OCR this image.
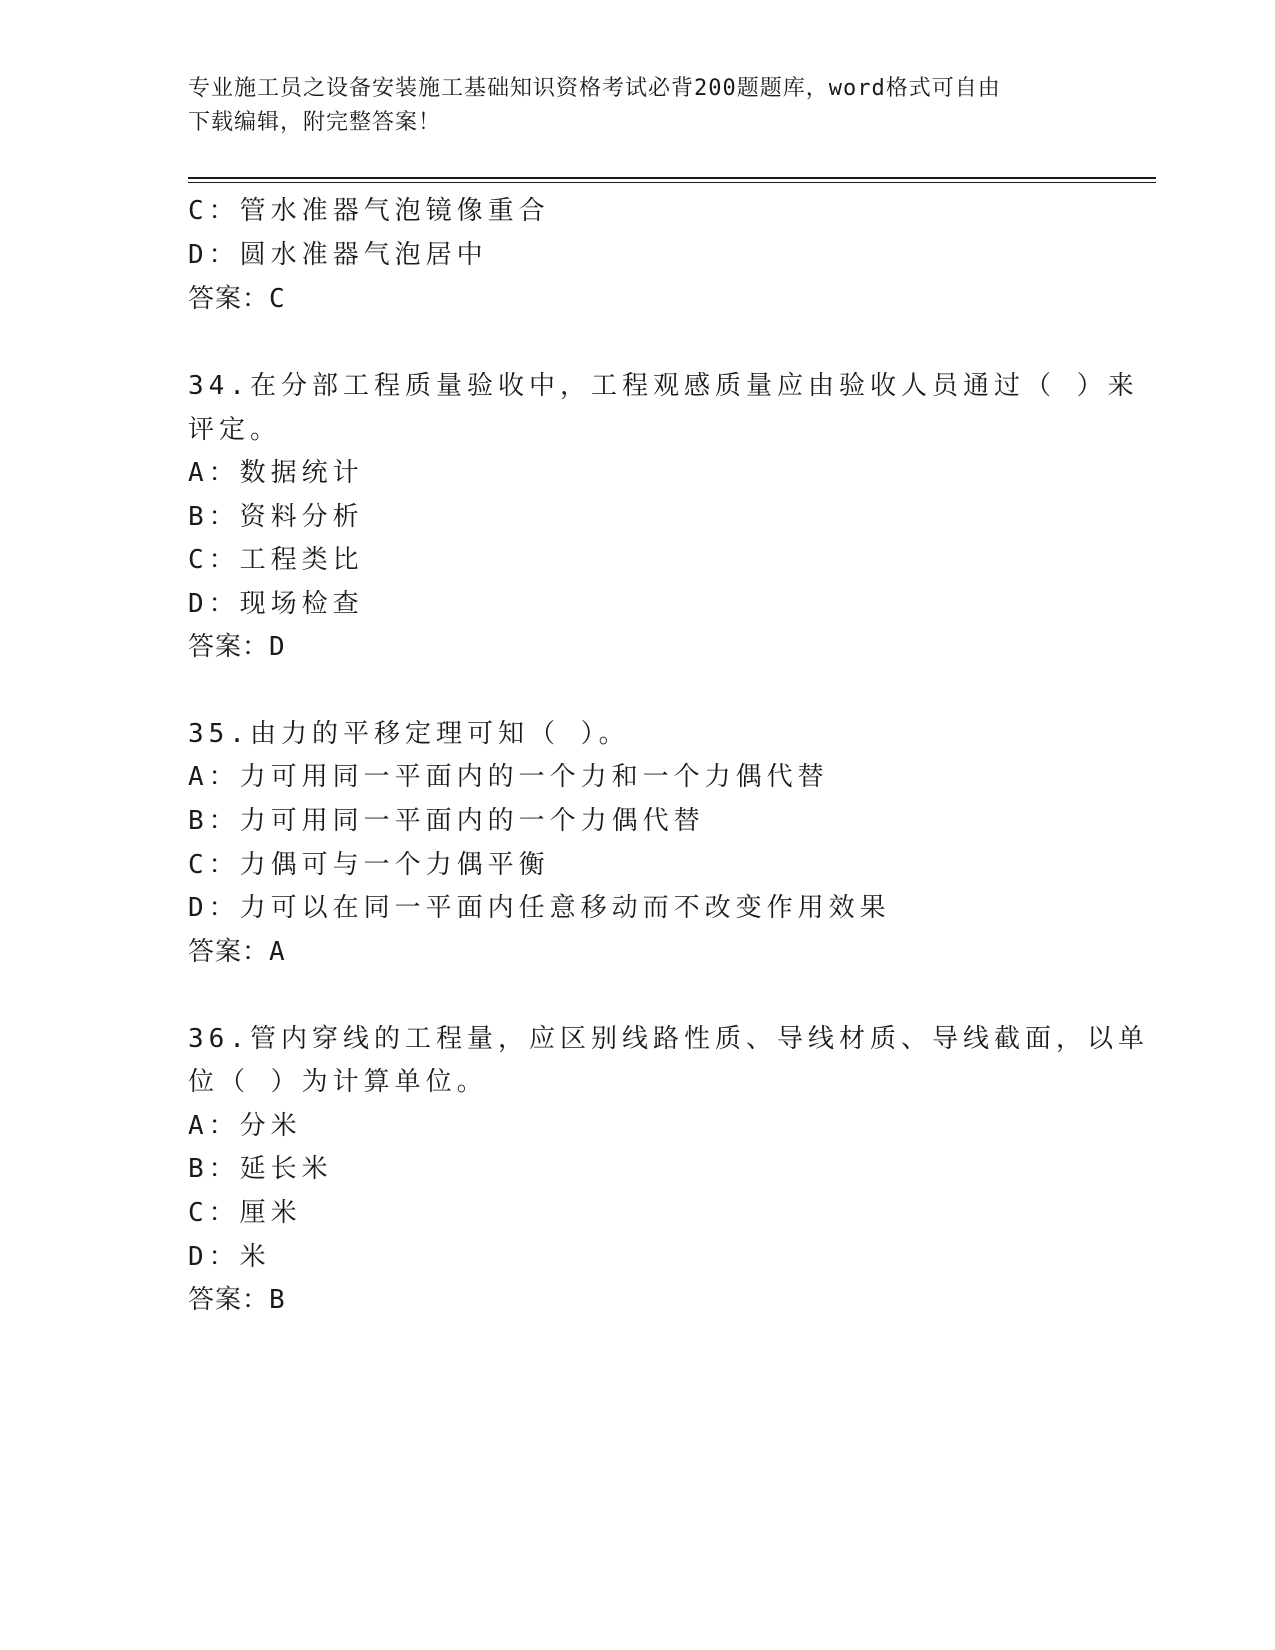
专业施工员之设备安装施工基础知识资格考试必背200题题库，word格式可自由
下载编辑，附完整答案！
C：管水准器气泡镜像重合
D：圆水准器气泡居中
答案：C
34.在分部工程质量验收中，工程观感质量应由验收人员通过（ ）来
评定。
A：数据统计
B：资料分析
C：工程类比
D：现场检查
答案：D
35.由力的平移定理可知（ ）。
A：力可用同一平面内的一个力和一个力偶代替
B：力可用同一平面内的一个力偶代替
C：力偶可与一个力偶平衡
D：力可以在同一平面内任意移动而不改变作用效果
答案：A
36.管内穿线的工程量，应区别线路性质、导线材质、导线截面，以单
位（ ）为计算单位。
A：分米
B：延长米
C：厘米
D：米
答案：B
